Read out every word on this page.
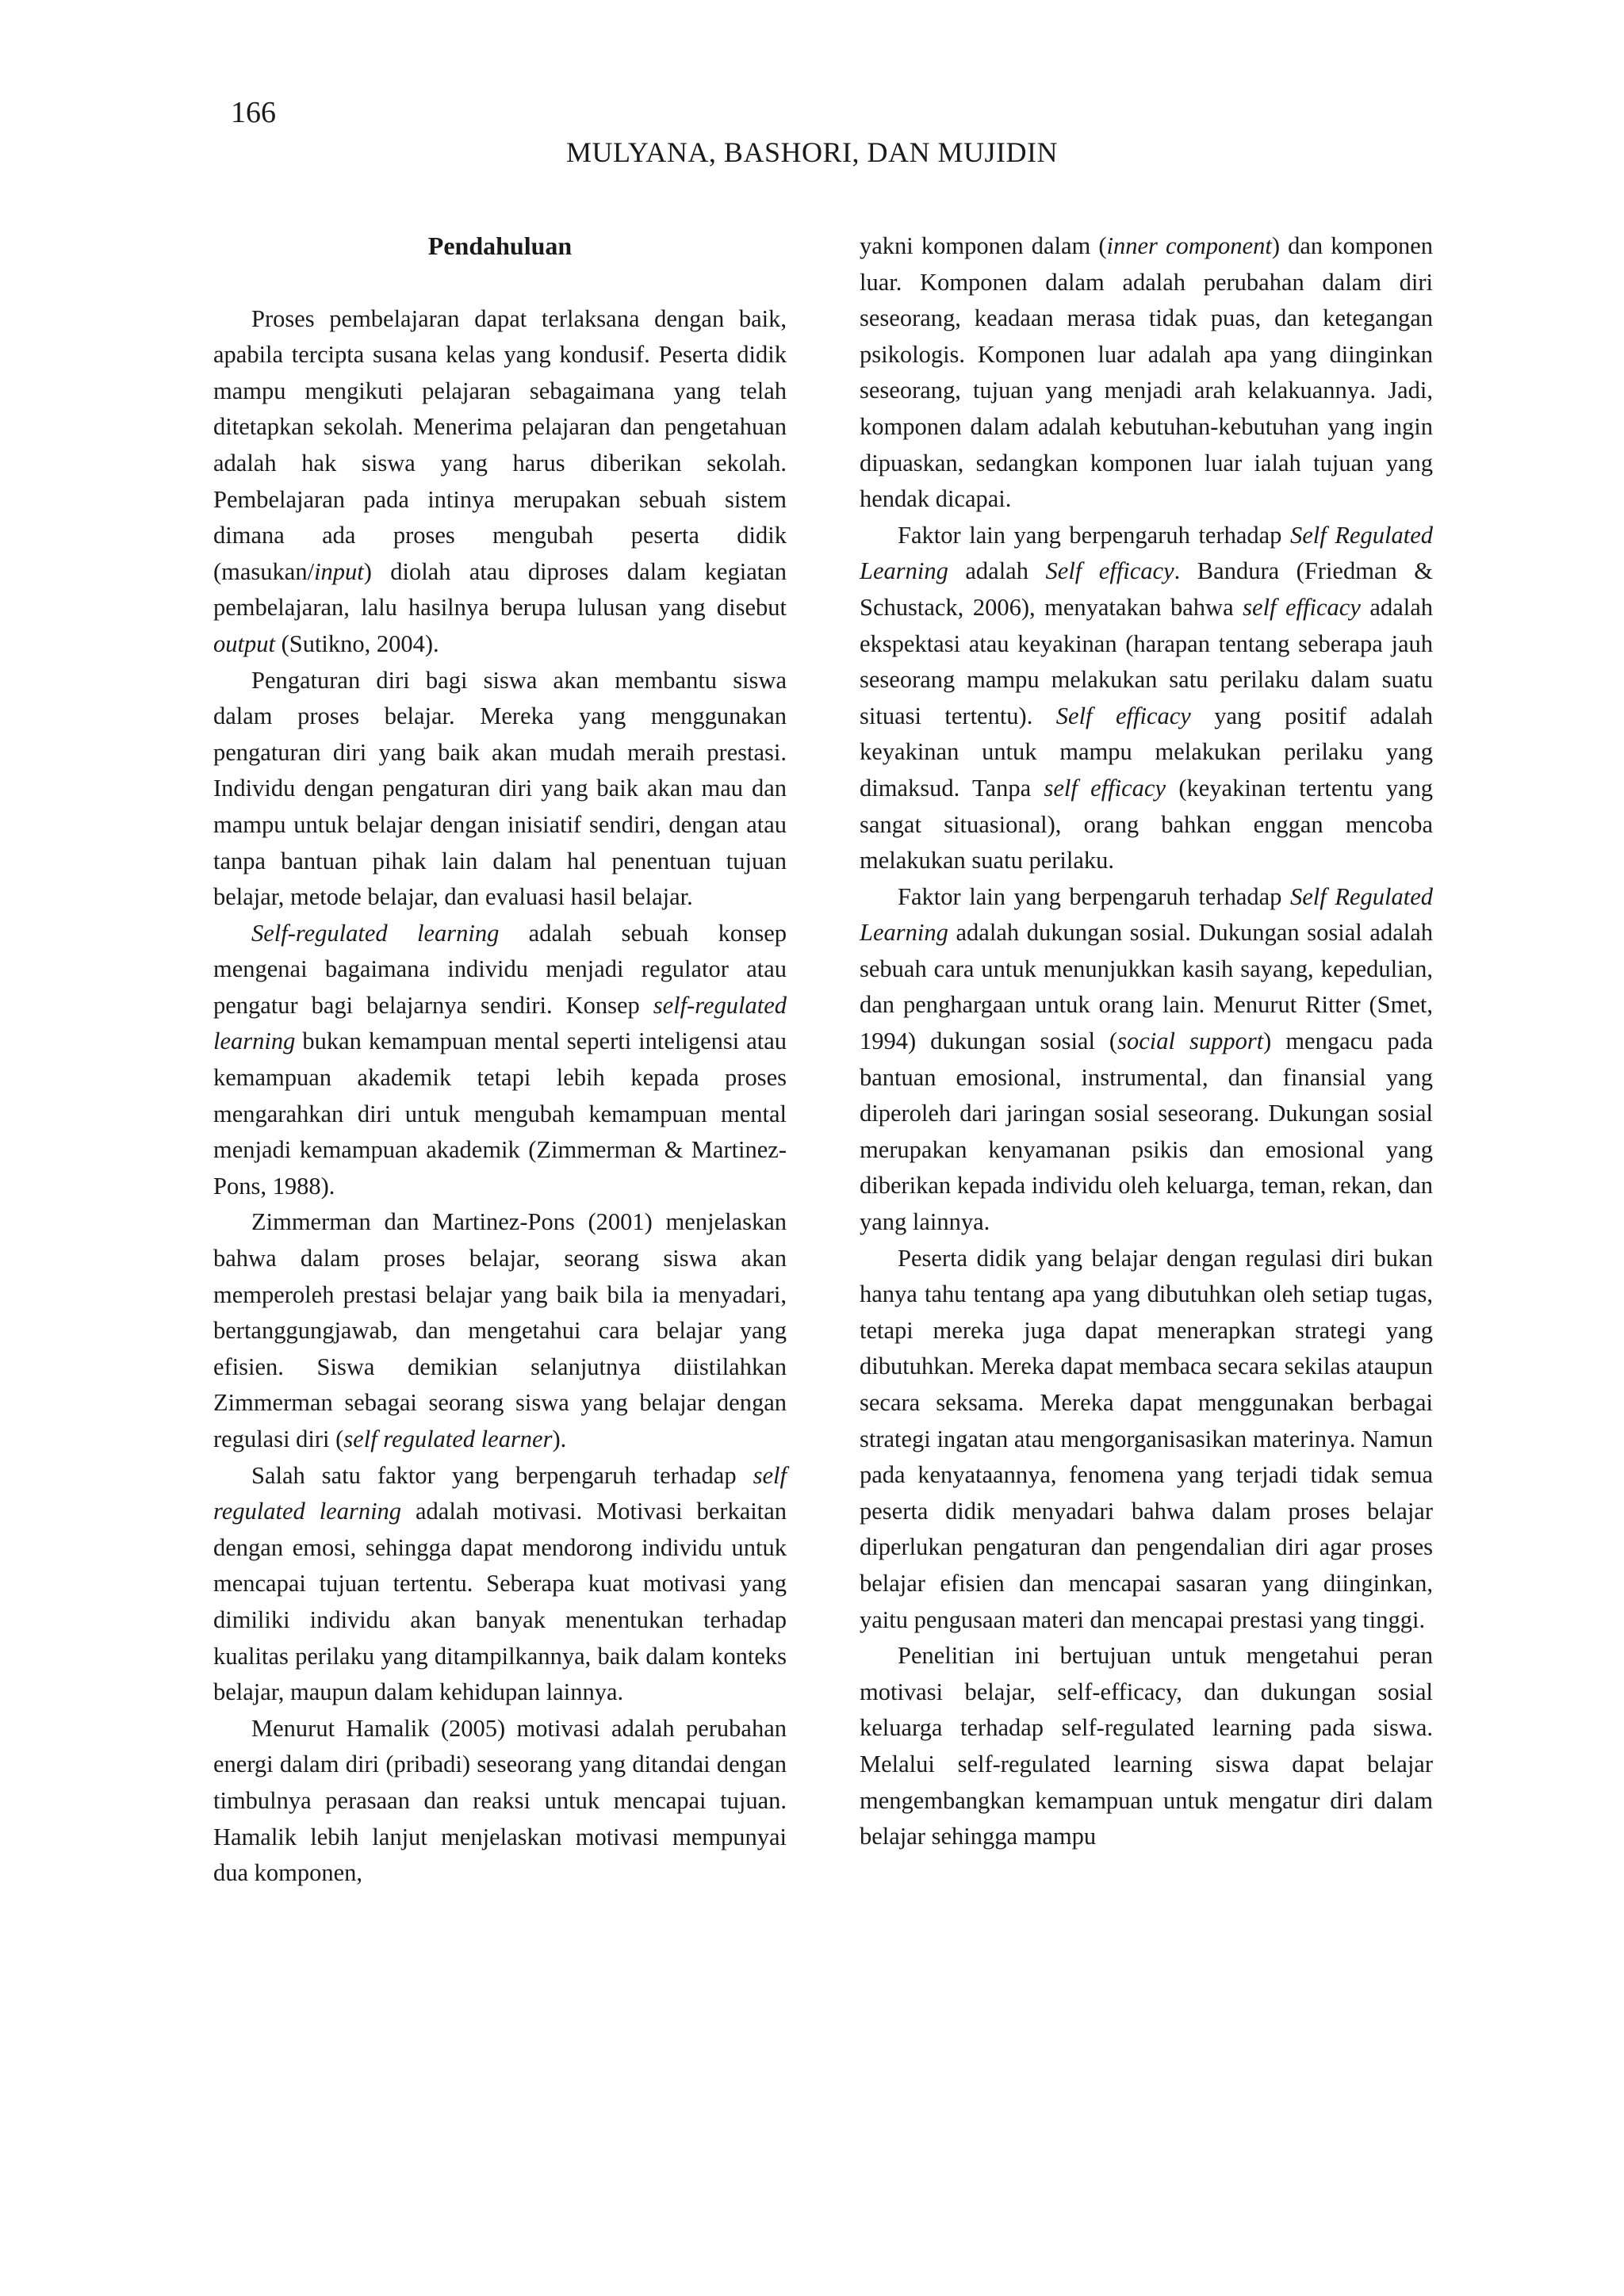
166
MULYANA, BASHORI, DAN MUJIDIN
Pendahuluan

Proses pembelajaran dapat terlaksana dengan baik, apabila tercipta susana kelas yang kondusif. Peserta didik mampu mengikuti pelajaran sebagaimana yang telah ditetapkan sekolah. Menerima pelajaran dan pengetahuan adalah hak siswa yang harus diberikan sekolah. Pembelajaran pada intinya merupakan sebuah sistem dimana ada proses mengubah peserta didik (masukan/input) diolah atau diproses dalam kegiatan pembelajaran, lalu hasilnya berupa lulusan yang disebut output (Sutikno, 2004).

Pengaturan diri bagi siswa akan membantu siswa dalam proses belajar. Mereka yang menggunakan pengaturan diri yang baik akan mudah meraih prestasi. Individu dengan pengaturan diri yang baik akan mau dan mampu untuk belajar dengan inisiatif sendiri, dengan atau tanpa bantuan pihak lain dalam hal penentuan tujuan belajar, metode belajar, dan evaluasi hasil belajar.

Self-regulated learning adalah sebuah konsep mengenai bagaimana individu menjadi regulator atau pengatur bagi belajarnya sendiri. Konsep self-regulated learning bukan kemampuan mental seperti inteligensi atau kemampuan akademik tetapi lebih kepada proses mengarahkan diri untuk mengubah kemampuan mental menjadi kemampuan akademik (Zimmerman & Martinez-Pons, 1988).

Zimmerman dan Martinez-Pons (2001) menjelaskan bahwa dalam proses belajar, seorang siswa akan memperoleh prestasi belajar yang baik bila ia menyadari, bertanggungjawab, dan mengetahui cara belajar yang efisien. Siswa demikian selanjutnya diistilahkan Zimmerman sebagai seorang siswa yang belajar dengan regulasi diri (self regulated learner).

Salah satu faktor yang berpengaruh terhadap self regulated learning adalah motivasi. Motivasi berkaitan dengan emosi, sehingga dapat mendorong individu untuk mencapai tujuan tertentu. Seberapa kuat motivasi yang dimiliki individu akan banyak menentukan terhadap kualitas perilaku yang ditampilkannya, baik dalam konteks belajar, maupun dalam kehidupan lainnya.

Menurut Hamalik (2005) motivasi adalah perubahan energi dalam diri (pribadi) seseorang yang ditandai dengan timbulnya perasaan dan reaksi untuk mencapai tujuan. Hamalik lebih lanjut menjelaskan motivasi mempunyai dua komponen,

yakni komponen dalam (inner component) dan komponen luar. Komponen dalam adalah perubahan dalam diri seseorang, keadaan merasa tidak puas, dan ketegangan psikologis. Komponen luar adalah apa yang diinginkan seseorang, tujuan yang menjadi arah kelakuannya. Jadi, komponen dalam adalah kebutuhan-kebutuhan yang ingin dipuaskan, sedangkan komponen luar ialah tujuan yang hendak dicapai.

Faktor lain yang berpengaruh terhadap Self Regulated Learning adalah Self efficacy. Bandura (Friedman & Schustack, 2006), menyatakan bahwa self efficacy adalah ekspektasi atau keyakinan (harapan tentang seberapa jauh seseorang mampu melakukan satu perilaku dalam suatu situasi tertentu). Self efficacy yang positif adalah keyakinan untuk mampu melakukan perilaku yang dimaksud. Tanpa self efficacy (keyakinan tertentu yang sangat situasional), orang bahkan enggan mencoba melakukan suatu perilaku.

Faktor lain yang berpengaruh terhadap Self Regulated Learning adalah dukungan sosial. Dukungan sosial adalah sebuah cara untuk menunjukkan kasih sayang, kepedulian, dan penghargaan untuk orang lain. Menurut Ritter (Smet, 1994) dukungan sosial (social support) mengacu pada bantuan emosional, instrumental, dan finansial yang diperoleh dari jaringan sosial seseorang. Dukungan sosial merupakan kenyamanan psikis dan emosional yang diberikan kepada individu oleh keluarga, teman, rekan, dan yang lainnya.

Peserta didik yang belajar dengan regulasi diri bukan hanya tahu tentang apa yang dibutuhkan oleh setiap tugas, tetapi mereka juga dapat menerapkan strategi yang dibutuhkan. Mereka dapat membaca secara sekilas ataupun secara seksama. Mereka dapat menggunakan berbagai strategi ingatan atau mengorganisasikan materinya. Namun pada kenyataannya, fenomena yang terjadi tidak semua peserta didik menyadari bahwa dalam proses belajar diperlukan pengaturan dan pengendalian diri agar proses belajar efisien dan mencapai sasaran yang diinginkan, yaitu pengusaan materi dan mencapai prestasi yang tinggi.

Penelitian ini bertujuan untuk mengetahui peran motivasi belajar, self-efficacy, dan dukungan sosial keluarga terhadap self-regulated learning pada siswa. Melalui self-regulated learning siswa dapat belajar mengembangkan kemampuan untuk mengatur diri dalam belajar sehingga mampu
